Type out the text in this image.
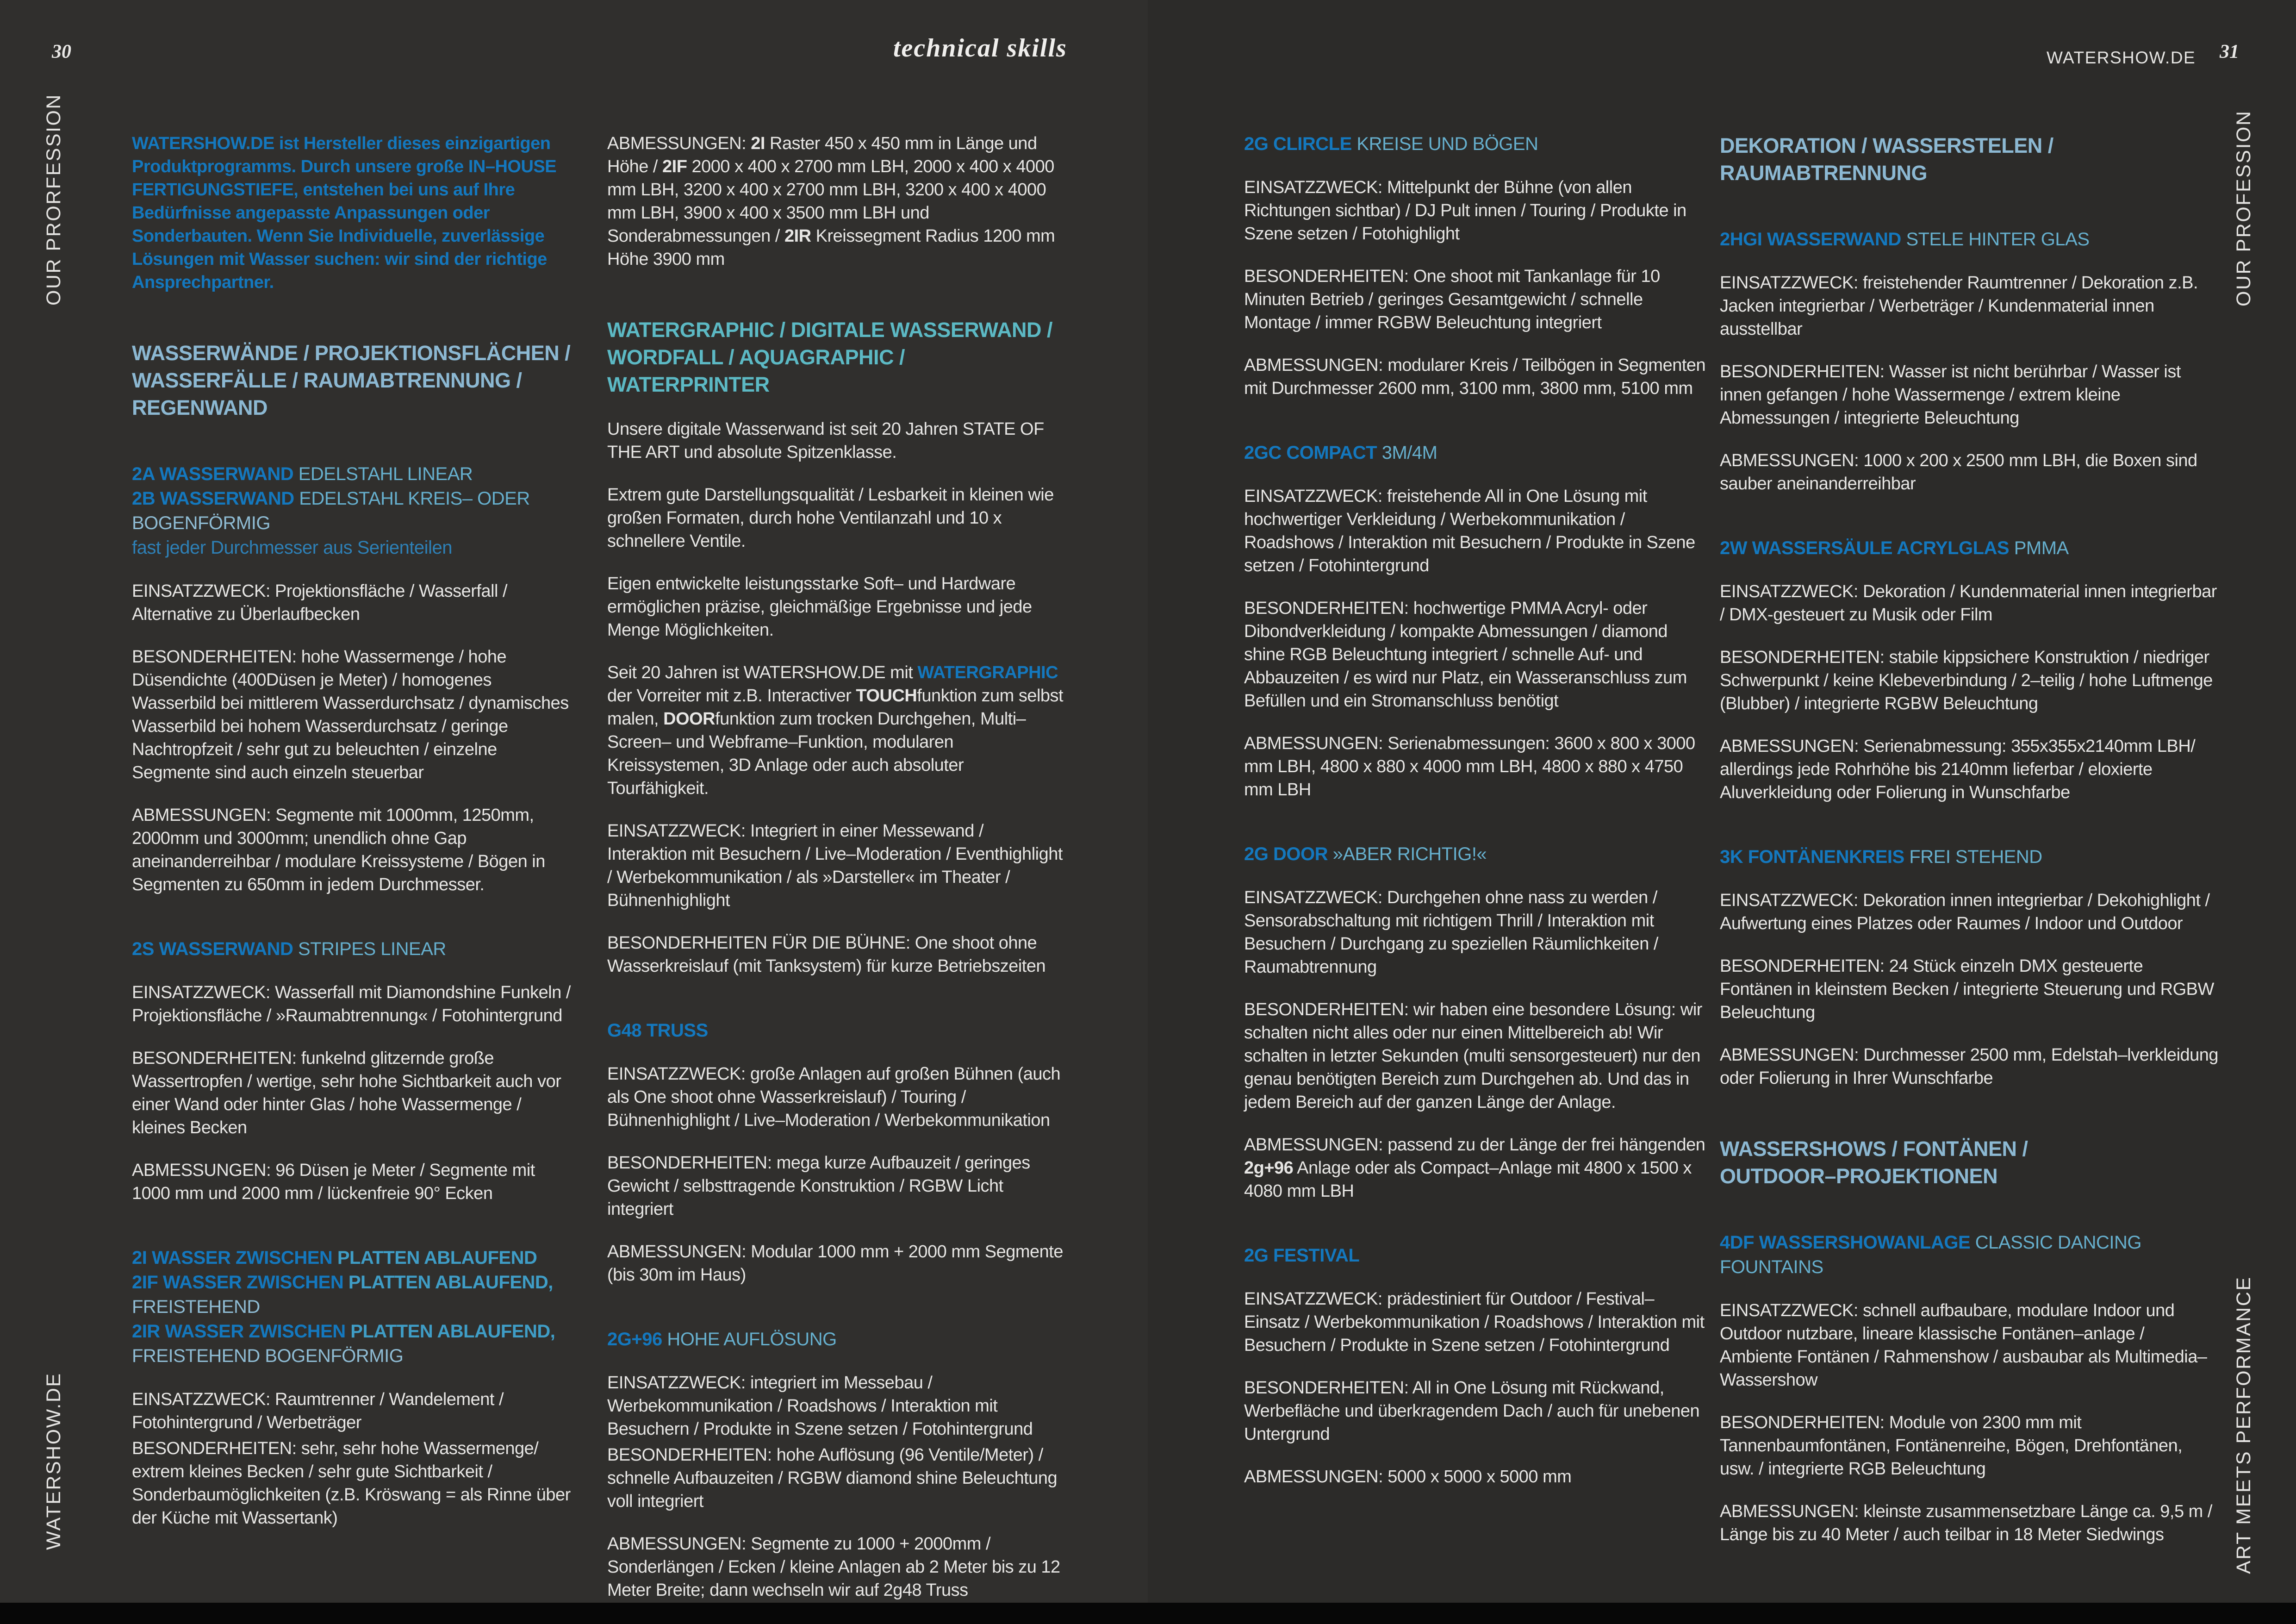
30	technical skills	WATERSHOW.DE 31
OUR PRORFESSION
WATERSHOW.DE
OUR PROFESSION
ART MEETS PERFORMANCE
WATERSHOW.DE ist Hersteller dieses einzigartigen Produktprogramms. Durch unsere große IN–HOUSE FERTIGUNGSTIEFE, entstehen bei uns auf Ihre Bedürfnisse angepasste Anpassungen oder Sonderbauten. Wenn Sie Individuelle, zuverlässige Lösungen mit Wasser suchen: wir sind der richtige Ansprechpartner.
WASSERWÄNDE / PROJEKTIONSFLÄCHEN /
WASSERFÄLLE / RAUMABTRENNUNG /
REGENWAND
2A WASSERWAND EDELSTAHL LINEAR
2B WASSERWAND EDELSTAHL KREIS– ODER
BOGENFÖRMIG
fast jeder Durchmesser aus Serienteilen
EINSATZZWECK: Projektionsfläche / Wasserfall / Alternative zu Überlaufbecken
BESONDERHEITEN: hohe Wassermenge / hohe Düsendichte (400Düsen je Meter) / homogenes Wasserbild bei mittlerem Wasserdurchsatz / dynamisches Wasserbild bei hohem Wasserdurchsatz / geringe Nachtropfzeit / sehr gut zu beleuchten / einzelne Segmente sind auch einzeln steuerbar
ABMESSUNGEN: Segmente mit 1000mm, 1250mm, 2000mm und 3000mm; unendlich ohne Gap aneinanderreihbar / modulare Kreissysteme / Bögen in Segmenten zu 650mm in jedem Durchmesser.
2S WASSERWAND STRIPES LINEAR
EINSATZZWECK: Wasserfall mit Diamondshine Funkeln / Projektionsfläche / »Raumabtrennung« / Fotohintergrund
BESONDERHEITEN: funkelnd glitzernde große Wassertropfen / wertige, sehr hohe Sichtbarkeit auch vor einer Wand oder hinter Glas / hohe Wassermenge / kleines Becken
ABMESSUNGEN: 96 Düsen je Meter / Segmente mit 1000 mm und 2000 mm / lückenfreie 90° Ecken
2I WASSER ZWISCHEN PLATTEN ABLAUFEND
2IF WASSER ZWISCHEN PLATTEN ABLAUFEND,
FREISTEHEND
2IR WASSER ZWISCHEN PLATTEN ABLAUFEND,
FREISTEHEND BOGENFÖRMIG
EINSATZZWECK: Raumtrenner / Wandelement / Fotohintergrund / Werbeträger
BESONDERHEITEN: sehr, sehr hohe Wassermenge/ extrem kleines Becken / sehr gute Sichtbarkeit / Sonderbaumöglichkeiten (z.B. Kröswang = als Rinne über der Küche mit Wassertank)
ABMESSUNGEN: 2I Raster 450 x 450 mm in Länge und Höhe / 2IF 2000 x 400 x 2700 mm LBH, 2000 x 400 x 4000 mm LBH, 3200 x 400 x 2700 mm LBH, 3200 x 400 x 4000 mm LBH, 3900 x 400 x 3500 mm LBH und Sonderabmessungen / 2IR Kreissegment Radius 1200 mm Höhe 3900 mm
WATERGRAPHIC / DIGITALE WASSERWAND /
WORDFALL / AQUAGRAPHIC / WATERPRINTER
Unsere digitale Wasserwand ist seit 20 Jahren STATE OF THE ART und absolute Spitzenklasse.
Extrem gute Darstellungsqualität / Lesbarkeit in kleinen wie großen Formaten, durch hohe Ventilanzahl und 10 x schnellere Ventile.
Eigen entwickelte leistungsstarke Soft– und Hardware ermöglichen präzise, gleichmäßige Ergebnisse und jede Menge Möglichkeiten.
Seit 20 Jahren ist WATERSHOW.DE mit WATERGRAPHIC der Vorreiter mit z.B. Interactiver TOUCHfunktion zum selbst malen, DOORfunktion zum trocken Durchgehen, Multi–Screen– und Webframe–Funktion, modularen Kreissystemen, 3D Anlage oder auch absoluter Tourfähigkeit.
EINSATZZWECK: Integriert in einer Messewand / Interaktion mit Besuchern / Live–Moderation / Eventhighlight / Werbekommunikation / als »Darsteller« im Theater / Bühnenhighlight
BESONDERHEITEN FÜR DIE BÜHNE: One shoot ohne Wasserkreislauf (mit Tanksystem) für kurze Betriebszeiten
G48 TRUSS
EINSATZZWECK: große Anlagen auf großen Bühnen (auch als One shoot ohne Wasserkreislauf) / Touring / Bühnenhighlight / Live–Moderation / Werbekommunikation
BESONDERHEITEN: mega kurze Aufbauzeit / geringes Gewicht / selbsttragende Konstruktion / RGBW Licht integriert
ABMESSUNGEN: Modular 1000 mm + 2000 mm Segmente (bis 30m im Haus)
2G+96 HOHE AUFLÖSUNG
EINSATZZWECK: integriert im Messebau / Werbekommunikation / Roadshows / Interaktion mit Besuchern / Produkte in Szene setzen / Fotohintergrund
BESONDERHEITEN: hohe Auflösung (96 Ventile/Meter) / schnelle Aufbauzeiten / RGBW diamond shine Beleuchtung voll integriert
ABMESSUNGEN: Segmente zu 1000 + 2000mm / Sonderlängen / Ecken / kleine Anlagen ab 2 Meter bis zu 12 Meter Breite; dann wechseln wir auf 2g48 Truss
2G CLIRCLE KREISE UND BÖGEN
EINSATZZWECK: Mittelpunkt der Bühne (von allen Richtungen sichtbar) / DJ Pult innen / Touring / Produkte in Szene setzen / Fotohighlight
BESONDERHEITEN: One shoot mit Tankanlage für 10 Minuten Betrieb / geringes Gesamtgewicht / schnelle Montage / immer RGBW Beleuchtung integriert
ABMESSUNGEN: modularer Kreis / Teilbögen in Segmenten mit Durchmesser 2600 mm, 3100 mm, 3800 mm, 5100 mm
2GC COMPACT 3M/4M
EINSATZZWECK: freistehende All in One Lösung mit hochwertiger Verkleidung / Werbekommunikation / Roadshows / Interaktion mit Besuchern / Produkte in Szene setzen / Fotohintergrund
BESONDERHEITEN: hochwertige PMMA Acryl- oder Dibondverkleidung / kompakte Abmessungen / diamond shine RGB Beleuchtung integriert / schnelle Auf- und Abbauzeiten / es wird nur Platz, ein Wasseranschluss zum Befüllen und ein Stromanschluss benötigt
ABMESSUNGEN: Serienabmessungen: 3600 x 800 x 3000 mm LBH, 4800 x 880 x 4000 mm LBH, 4800 x 880 x 4750 mm LBH
2G DOOR »ABER RICHTIG!«
EINSATZZWECK: Durchgehen ohne nass zu werden / Sensorabschaltung mit richtigem Thrill / Interaktion mit Besuchern / Durchgang zu speziellen Räumlichkeiten / Raumabtrennung
BESONDERHEITEN: wir haben eine besondere Lösung: wir schalten nicht alles oder nur einen Mittelbereich ab! Wir schalten in letzter Sekunden (multi sensorgesteuert) nur den genau benötigten Bereich zum Durchgehen ab. Und das in jedem Bereich auf der ganzen Länge der Anlage.
ABMESSUNGEN: passend zu der Länge der frei hängenden 2g+96 Anlage oder als Compact–Anlage mit 4800 x 1500 x 4080 mm LBH
2G FESTIVAL
EINSATZZWECK: prädestiniert für Outdoor / Festival–Einsatz / Werbekommunikation / Roadshows / Interaktion mit Besuchern / Produkte in Szene setzen / Fotohintergrund
BESONDERHEITEN: All in One Lösung mit Rückwand, Werbefläche und überkragendem Dach / auch für unebenen Untergrund
ABMESSUNGEN: 5000 x 5000 x 5000 mm
DEKORATION / WASSERSTELEN /
RAUMABTRENNUNG
2HGI WASSERWAND STELE HINTER GLAS
EINSATZZWECK: freistehender Raumtrenner / Dekoration z.B. Jacken integrierbar / Werbeträger / Kundenmaterial innen ausstellbar
BESONDERHEITEN: Wasser ist nicht berührbar / Wasser ist innen gefangen / hohe Wassermenge / extrem kleine Abmessungen / integrierte Beleuchtung
ABMESSUNGEN: 1000 x 200 x 2500 mm LBH, die Boxen sind sauber aneinanderreihbar
2W WASSERSÄULE ACRYLGLAS PMMA
EINSATZZWECK: Dekoration / Kundenmaterial innen integrierbar / DMX-gesteuert zu Musik oder Film
BESONDERHEITEN: stabile kippsichere Konstruktion / niedriger Schwerpunkt / keine Klebeverbindung / 2–teilig / hohe Luftmenge (Blubber) / integrierte RGBW Beleuchtung
ABMESSUNGEN: Serienabmessung: 355x355x2140mm LBH/ allerdings jede Rohrhöhe bis 2140mm lieferbar / eloxierte Aluverkleidung oder Folierung in Wunschfarbe
3K FONTÄNENKREIS FREI STEHEND
EINSATZZWECK: Dekoration innen integrierbar / Dekohighlight / Aufwertung eines Platzes oder Raumes / Indoor und Outdoor
BESONDERHEITEN: 24 Stück einzeln DMX gesteuerte Fontänen in kleinstem Becken / integrierte Steuerung und RGBW Beleuchtung
ABMESSUNGEN: Durchmesser 2500 mm, Edelstah–lverkleidung oder Folierung in Ihrer Wunschfarbe
WASSERSHOWS / FONTÄNEN /
OUTDOOR–PROJEKTIONEN
4DF WASSERSHOWANLAGE CLASSIC DANCING FOUNTAINS
EINSATZZWECK: schnell aufbaubare, modulare Indoor und Outdoor nutzbare, lineare klassische Fontänen–anlage / Ambiente Fontänen / Rahmenshow / ausbaubar als Multimedia–Wassershow
BESONDERHEITEN: Module von 2300 mm mit Tannenbaumfontänen, Fontänenreihe, Bögen, Drehfontänen, usw. / integrierte RGB Beleuchtung
ABMESSUNGEN: kleinste zusammensetzbare Länge ca. 9,5 m / Länge bis zu 40 Meter / auch teilbar in 18 Meter Siedwings
